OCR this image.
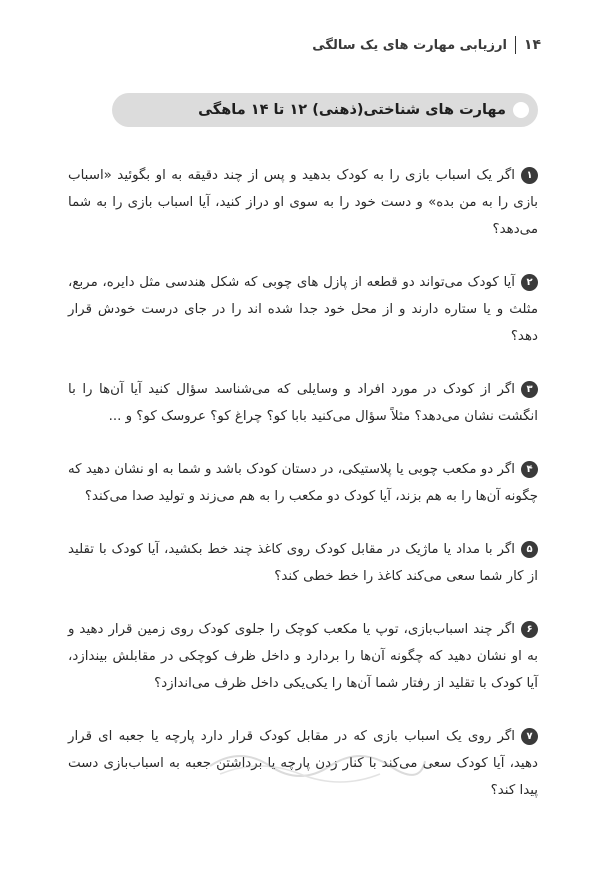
۱۴
ارزیابی مهارت های یک سالگی
مهارت های شناختی(ذهنی) ۱۲ تا ۱۴ ماهگی

۱اگر یک اسباب بازی را به کودک بدهید و پس از چند دقیقه به او بگوئید «اسباب بازی را به من بده» و دست خود را به سوی او دراز کنید، آیا اسباب بازی را به شما می‌دهد؟

۲آیا کودک می‌تواند دو قطعه از پازل های چوبی که شکل هندسی مثل دایره، مربع، مثلث و یا ستاره دارند و از محل خود جدا شده اند را در جای درست خودش قرار دهد؟

۳اگر از کودک در مورد افراد و وسایلی که می‌شناسد سؤال کنید آیا آن‌ها را با انگشت نشان می‌دهد؟ مثلاً سؤال می‌کنید بابا کو؟ چراغ کو؟ عروسک کو؟ و ...

۴اگر دو مکعب چوبی یا پلاستیکی، در دستان کودک باشد و شما به او نشان دهید که چگونه آن‌ها را به هم بزند، آیا کودک دو مکعب را به هم می‌زند و تولید صدا می‌کند؟

۵اگر با مداد یا ماژیک در مقابل کودک روی کاغذ چند خط بکشید، آیا کودک با تقلید از کار شما سعی می‌کند کاغذ را خط خطی کند؟

۶اگر چند اسباب‌بازی، توپ یا مکعب کوچک را جلوی کودک روی زمین قرار دهید و به او نشان دهید که چگونه آن‌ها را بردارد و داخل ظرف کوچکی در مقابلش بیندازد، آیا کودک با تقلید از رفتار شما آن‌ها را یکی‌یکی داخل ظرف می‌اندازد؟

۷اگر روی یک اسباب بازی که در مقابل کودک قرار دارد پارچه یا جعبه ای قرار دهید، آیا کودک سعی می‌کند با کنار زدن پارچه یا برداشتن جعبه به اسباب‌بازی دست پیدا کند؟
